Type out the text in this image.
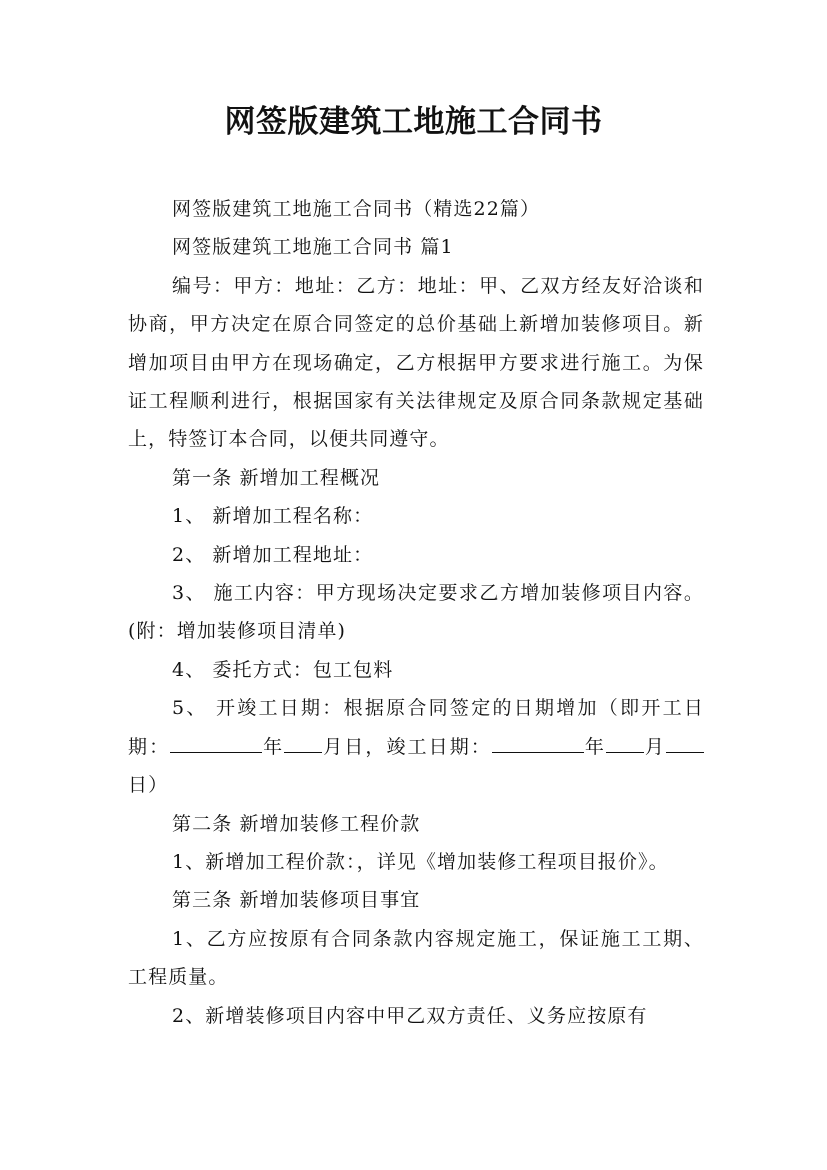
网签版建筑工地施工合同书

网签版建筑工地施工合同书（精选22篇）

网签版建筑工地施工合同书 篇1

编号：甲方：地址：乙方：地址：甲、乙双方经友好洽谈和协商，甲方决定在原合同签定的总价基础上新增加装修项目。新增加项目由甲方在现场确定，乙方根据甲方要求进行施工。为保证工程顺利进行，根据国家有关法律规定及原合同条款规定基础上，特签订本合同，以便共同遵守。

第一条 新增加工程概况

1、 新增加工程名称：

2、 新增加工程地址：

3、 施工内容：甲方现场决定要求乙方增加装修项目内容。(附：增加装修项目清单)

4、 委托方式：包工包料

5、 开竣工日期：根据原合同签定的日期增加（即开工日期：	年 月日，竣工日期：	年 月日）

第二条 新增加装修工程价款

1、新增加工程价款：，详见《增加装修工程项目报价》。

第三条 新增加装修项目事宜

1、乙方应按原有合同条款内容规定施工，保证施工工期、工程质量。

2、新增装修项目内容中甲乙双方责任、义务应按原有
